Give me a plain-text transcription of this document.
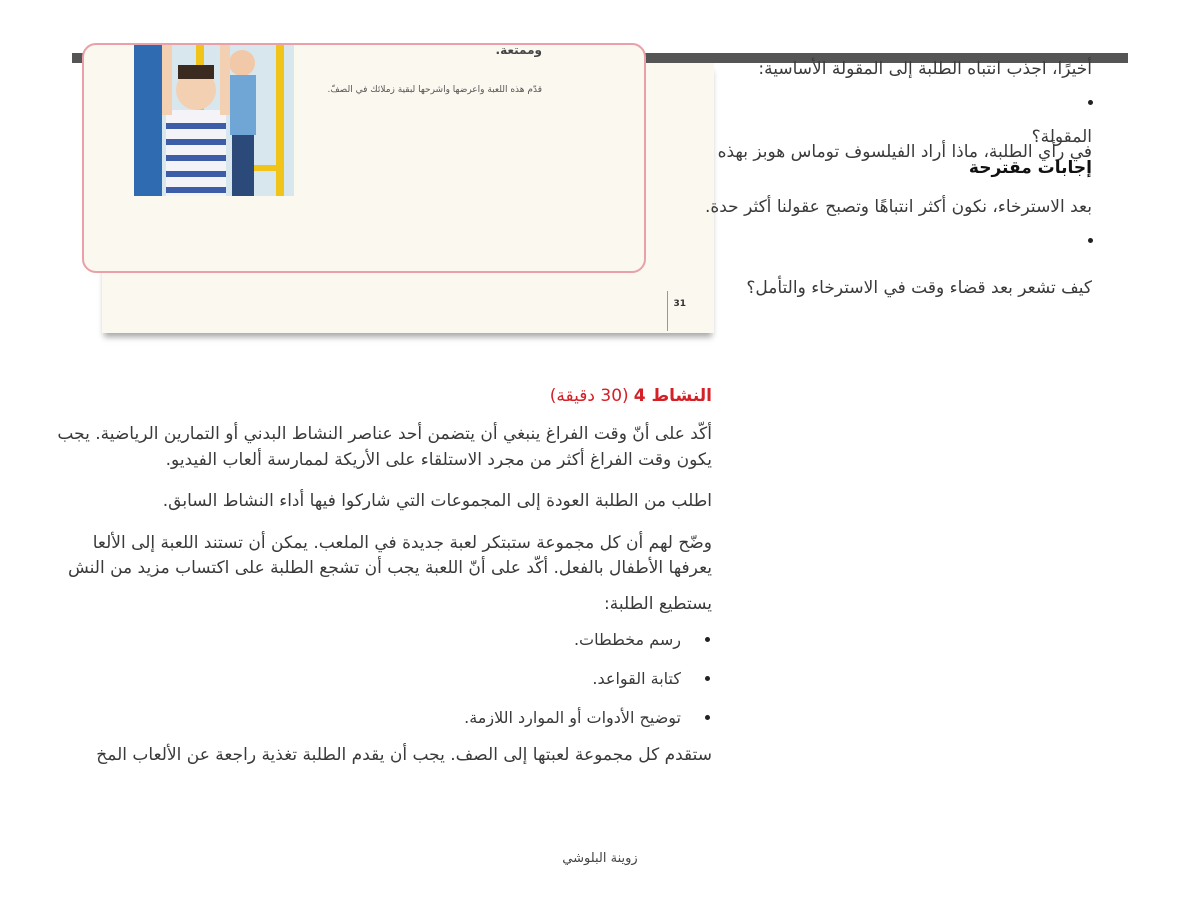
وممتعة.
قدّم هذه اللعبة واعرضها واشرحها لبقية زملائك في الصفّ.
31
أخيرًا، اجذب انتباه الطلبة إلى المقولة الأساسية:
المقولة؟
في رأي الطلبة، ماذا أراد الفيلسوف توماس هوبز بهذه
إجابات مقترحة
بعد الاسترخاء، نكون أكثر انتباهًا وتصبح عقولنا أكثر حدة.
كيف تشعر بعد قضاء وقت في الاسترخاء والتأمل؟
النشاط 4 (30 دقيقة)
أكّد على أنّ وقت الفراغ ينبغي أن يتضمن أحد عناصر النشاط البدني أو التمارين الرياضية. يجب
يكون وقت الفراغ أكثر من مجرد الاستلقاء على الأريكة لممارسة ألعاب الفيديو.
اطلب من الطلبة العودة إلى المجموعات التي شاركوا فيها أداء النشاط السابق.
وضّح لهم أن كل مجموعة ستبتكر لعبة جديدة في الملعب. يمكن أن تستند اللعبة إلى الألعا
يعرفها الأطفال بالفعل. أكّد على أنّ اللعبة يجب أن تشجع الطلبة على اكتساب مزيد من النش
يستطيع الطلبة:
رسم مخططات.
كتابة القواعد.
توضيح الأدوات أو الموارد اللازمة.
ستقدم كل مجموعة لعبتها إلى الصف. يجب أن يقدم الطلبة تغذية راجعة عن الألعاب المخ
زوينة البلوشي
